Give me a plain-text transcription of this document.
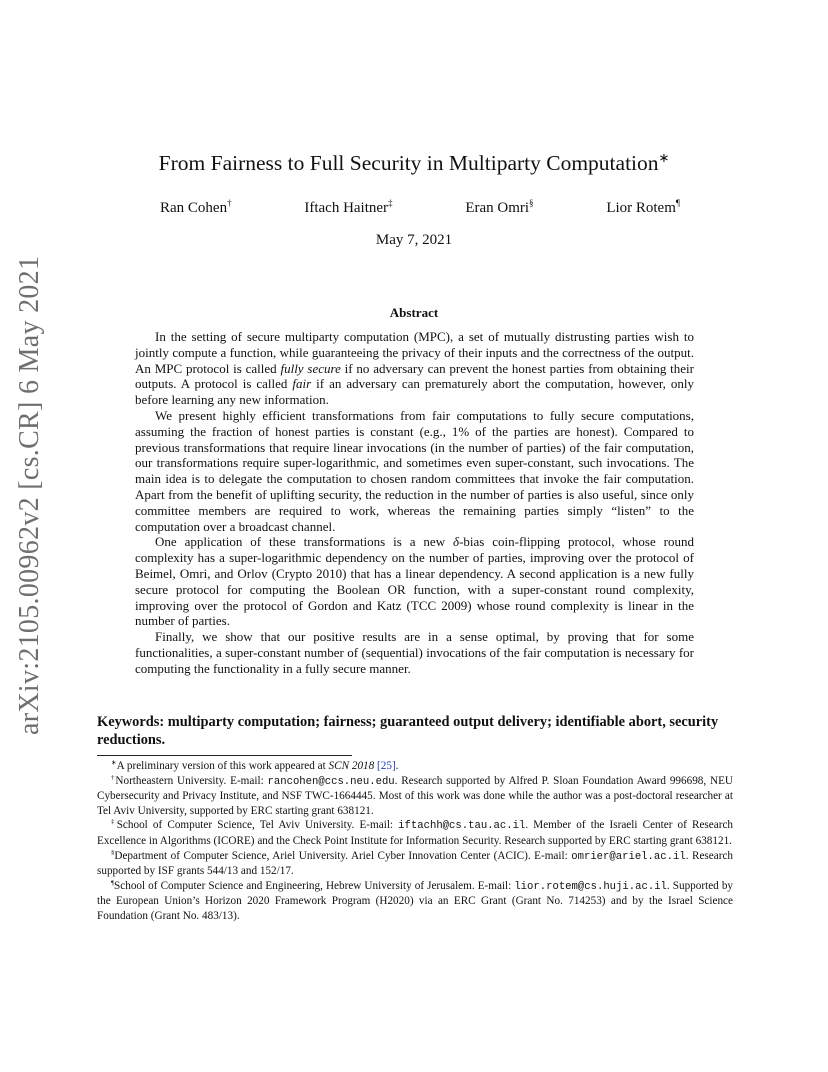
arXiv:2105.00962v2 [cs.CR] 6 May 2021
From Fairness to Full Security in Multiparty Computation∗
Ran Cohen†	Iftach Haitner‡	Eran Omri§	Lior Rotem¶
May 7, 2021
Abstract

In the setting of secure multiparty computation (MPC), a set of mutually distrusting parties wish to jointly compute a function, while guaranteeing the privacy of their inputs and the correctness of the output. An MPC protocol is called fully secure if no adversary can prevent the honest parties from obtaining their outputs. A protocol is called fair if an adversary can prematurely abort the computation, however, only before learning any new information.

We present highly efficient transformations from fair computations to fully secure computations, assuming the fraction of honest parties is constant (e.g., 1% of the parties are honest). Compared to previous transformations that require linear invocations (in the number of parties) of the fair computation, our transformations require super-logarithmic, and sometimes even super-constant, such invocations. The main idea is to delegate the computation to chosen random committees that invoke the fair computation. Apart from the benefit of uplifting security, the reduction in the number of parties is also useful, since only committee members are required to work, whereas the remaining parties simply “listen” to the computation over a broadcast channel.

One application of these transformations is a new δ-bias coin-flipping protocol, whose round complexity has a super-logarithmic dependency on the number of parties, improving over the protocol of Beimel, Omri, and Orlov (Crypto 2010) that has a linear dependency. A second application is a new fully secure protocol for computing the Boolean OR function, with a super-constant round complexity, improving over the protocol of Gordon and Katz (TCC 2009) whose round complexity is linear in the number of parties.

Finally, we show that our positive results are in a sense optimal, by proving that for some functionalities, a super-constant number of (sequential) invocations of the fair computation is necessary for computing the functionality in a fully secure manner.

Keywords: multiparty computation; fairness; guaranteed output delivery; identifiable abort, security reductions.

∗A preliminary version of this work appeared at SCN 2018 [25].

†Northeastern University. E-mail: rancohen@ccs.neu.edu. Research supported by Alfred P. Sloan Foundation Award 996698, NEU Cybersecurity and Privacy Institute, and NSF TWC-1664445. Most of this work was done while the author was a post-doctoral researcher at Tel Aviv University, supported by ERC starting grant 638121.

‡School of Computer Science, Tel Aviv University. E-mail: iftachh@cs.tau.ac.il. Member of the Israeli Center of Research Excellence in Algorithms (ICORE) and the Check Point Institute for Information Security. Research supported by ERC starting grant 638121.

§Department of Computer Science, Ariel University. Ariel Cyber Innovation Center (ACIC). E-mail: omrier@ariel.ac.il. Research supported by ISF grants 544/13 and 152/17.

¶School of Computer Science and Engineering, Hebrew University of Jerusalem. E-mail: lior.rotem@cs.huji.ac.il. Supported by the European Union’s Horizon 2020 Framework Program (H2020) via an ERC Grant (Grant No. 714253) and by the Israel Science Foundation (Grant No. 483/13).
